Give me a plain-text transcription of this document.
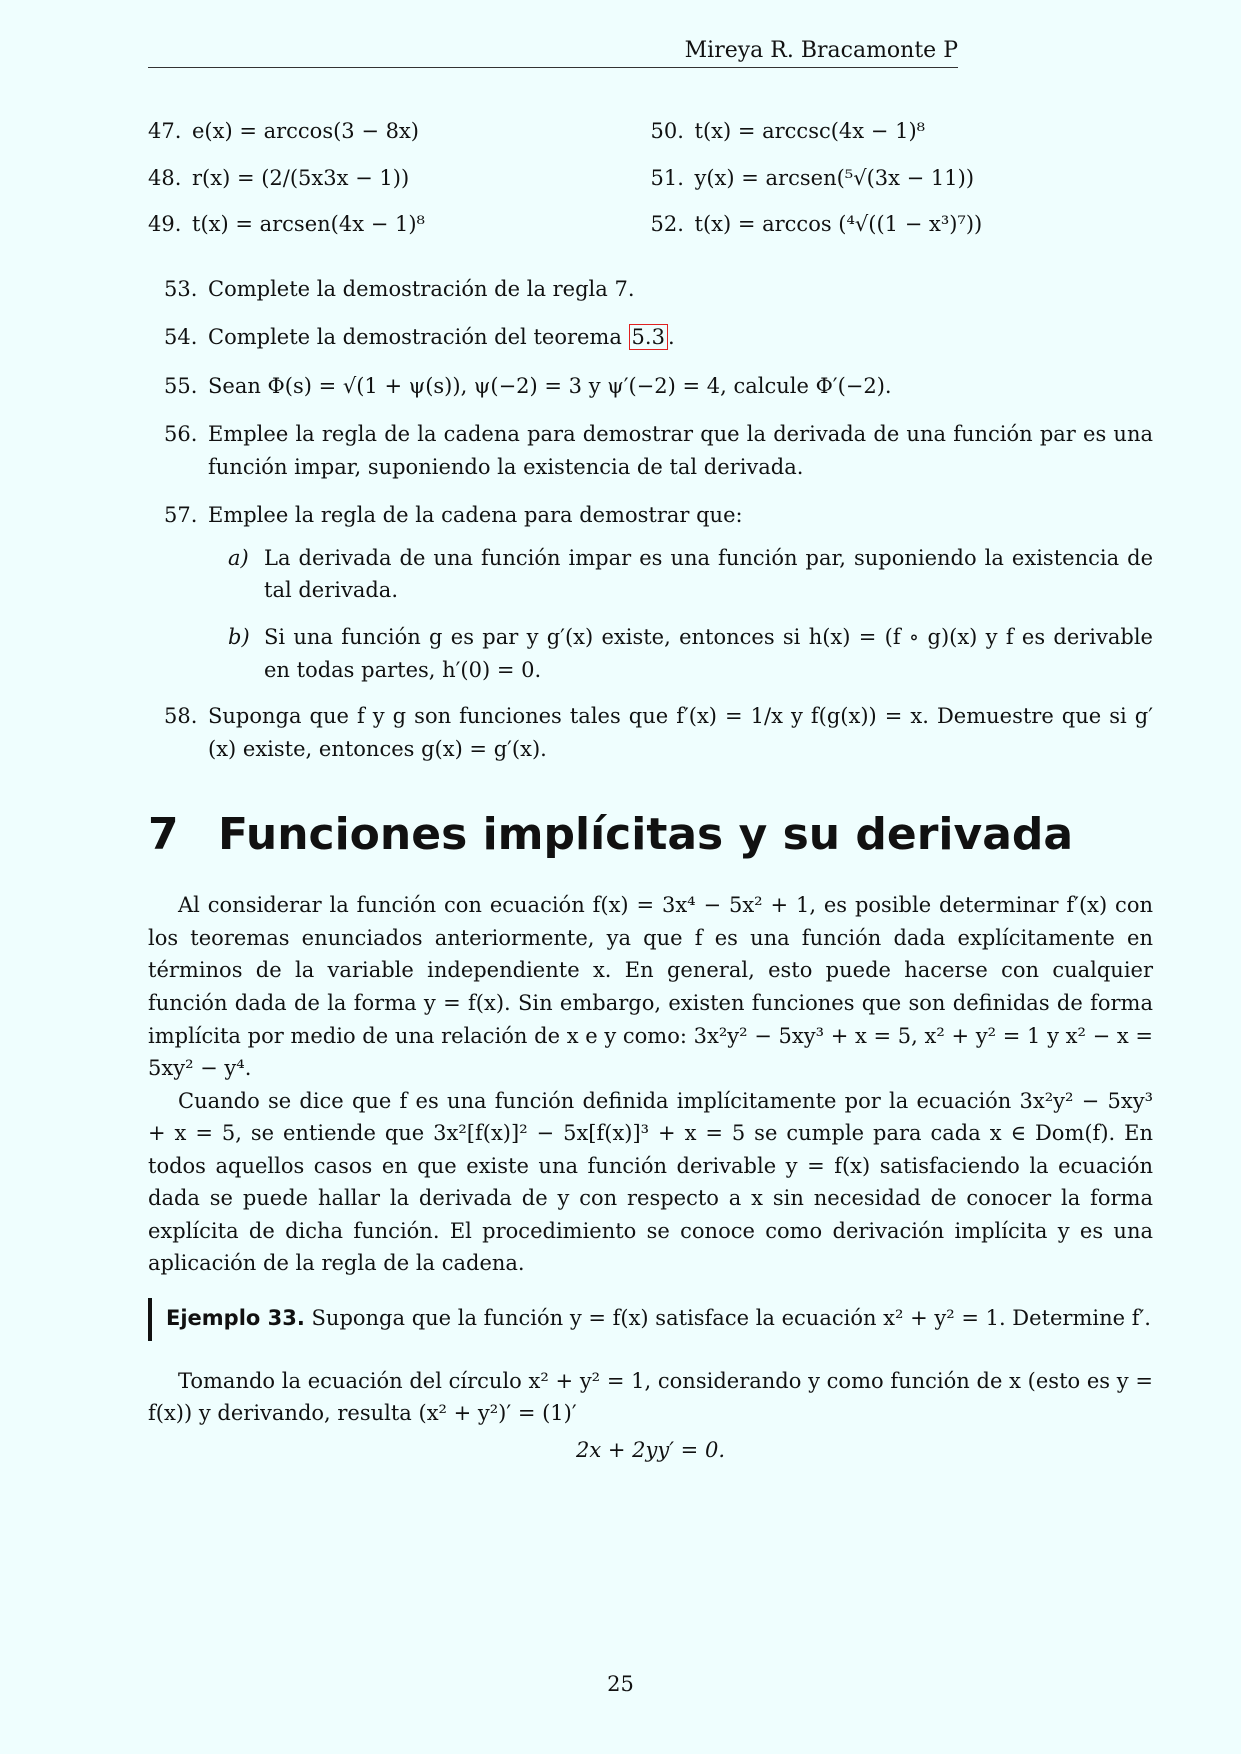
Mireya R. Bracamonte P
47. e(x) = arccos(3 − 8x)
48. r(x) = (2/(5x3x − 1))
49. t(x) = arcsen(4x − 1)⁸
50. t(x) = arccsc(4x − 1)⁸
51. y(x) = arcsen(⁵√(3x − 11))
52. t(x) = arccos (⁴√((1 − x³)⁷))
53. Complete la demostración de la regla 7.
54. Complete la demostración del teorema 5.3 .
55. Sean Φ(s) = √(1 + ψ(s)), ψ(−2) = 3 y ψ′(−2) = 4, calcule Φ′(−2).
56. Emplee la regla de la cadena para demostrar que la derivada de una función par es una función impar, suponiendo la existencia de tal derivada.
57. Emplee la regla de la cadena para demostrar que:
a) La derivada de una función impar es una función par, suponiendo la existencia de tal derivada.
b) Si una función g es par y g′(x) existe, entonces si h(x) = (f ∘ g)(x) y f es derivable en todas partes, h′(0) = 0.
58. Suponga que f y g son funciones tales que f′(x) = 1/x y f(g(x)) = x. Demuestre que si g′(x) existe, entonces g(x) = g′(x).
7 Funciones implícitas y su derivada

Al considerar la función con ecuación f(x) = 3x⁴ − 5x² + 1, es posible determinar f′(x) con los teoremas enunciados anteriormente, ya que f es una función dada explícitamente en términos de la variable independiente x. En general, esto puede hacerse con cualquier función dada de la forma y = f(x). Sin embargo, existen funciones que son definidas de forma implícita por medio de una relación de x e y como: 3x²y² − 5xy³ + x = 5, x² + y² = 1 y x² − x = 5xy² − y⁴.

Cuando se dice que f es una función definida implícitamente por la ecuación 3x²y² − 5xy³ + x = 5, se entiende que 3x²[f(x)]² − 5x[f(x)]³ + x = 5 se cumple para cada x ∈ Dom(f). En todos aquellos casos en que existe una función derivable y = f(x) satisfaciendo la ecuación dada se puede hallar la derivada de y con respecto a x sin necesidad de conocer la forma explícita de dicha función. El procedimiento se conoce como derivación implícita y es una aplicación de la regla de la cadena.

Ejemplo 33. Suponga que la función y = f(x) satisface la ecuación x² + y² = 1. Determine f′.

Tomando la ecuación del círculo x² + y² = 1, considerando y como función de x (esto es y = f(x)) y derivando, resulta (x² + y²)′ = (1)′

2x + 2yy′ = 0.
25
